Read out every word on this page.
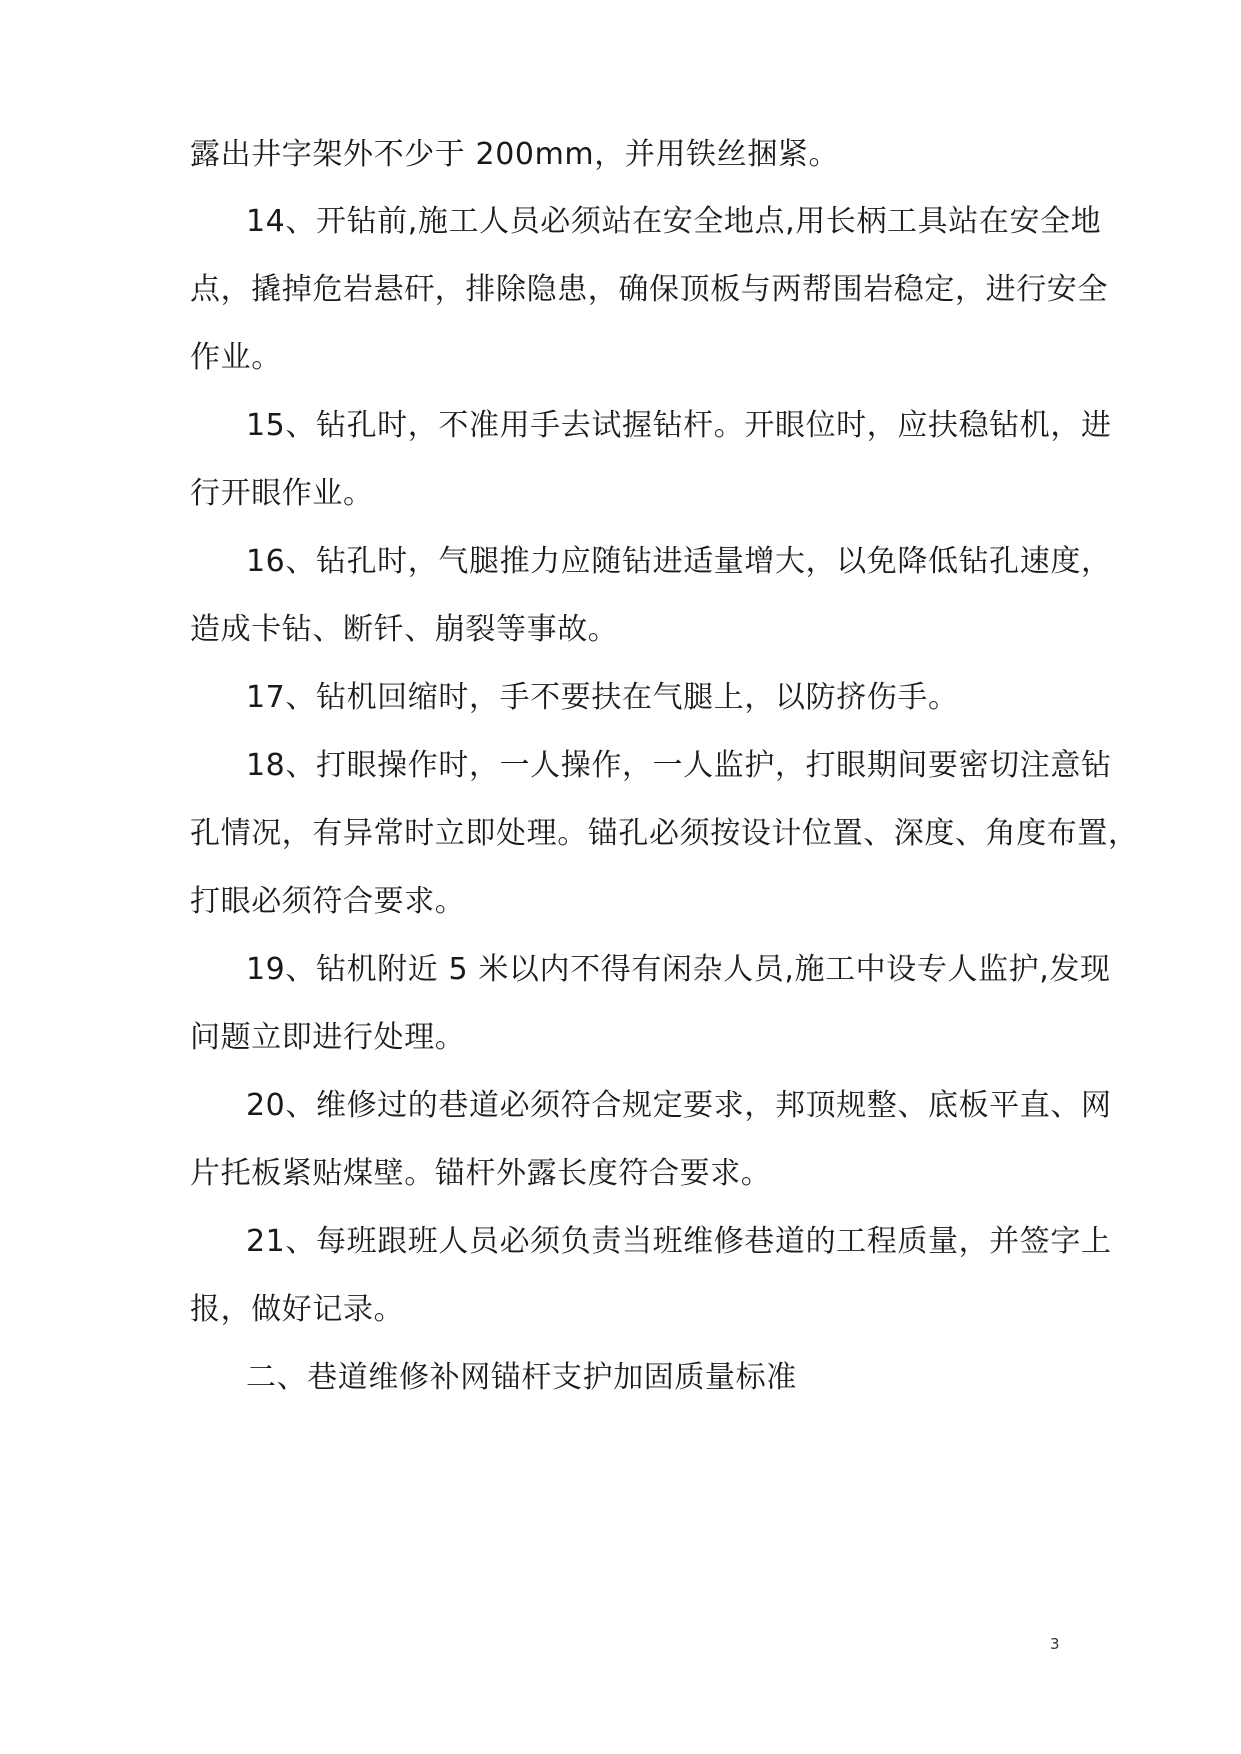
露出井字架外不少于 200mm，并用铁丝捆紧。
14、开钻前,施工人员必须站在安全地点,用长柄工具站在安全地
点，撬掉危岩悬矸，排除隐患，确保顶板与两帮围岩稳定，进行安全
作业。
15、钻孔时，不准用手去试握钻杆。开眼位时，应扶稳钻机，进
行开眼作业。
16、钻孔时，气腿推力应随钻进适量增大，以免降低钻孔速度，
造成卡钻、断钎、崩裂等事故。
17、钻机回缩时，手不要扶在气腿上，以防挤伤手。
18、打眼操作时，一人操作，一人监护，打眼期间要密切注意钻
孔情况，有异常时立即处理。锚孔必须按设计位置、深度、角度布置，
打眼必须符合要求。
19、钻机附近 5 米以内不得有闲杂人员,施工中设专人监护,发现
问题立即进行处理。
20、维修过的巷道必须符合规定要求，邦顶规整、底板平直、网
片托板紧贴煤壁。锚杆外露长度符合要求。
21、每班跟班人员必须负责当班维修巷道的工程质量，并签字上
报，做好记录。
二、巷道维修补网锚杆支护加固质量标准
3
